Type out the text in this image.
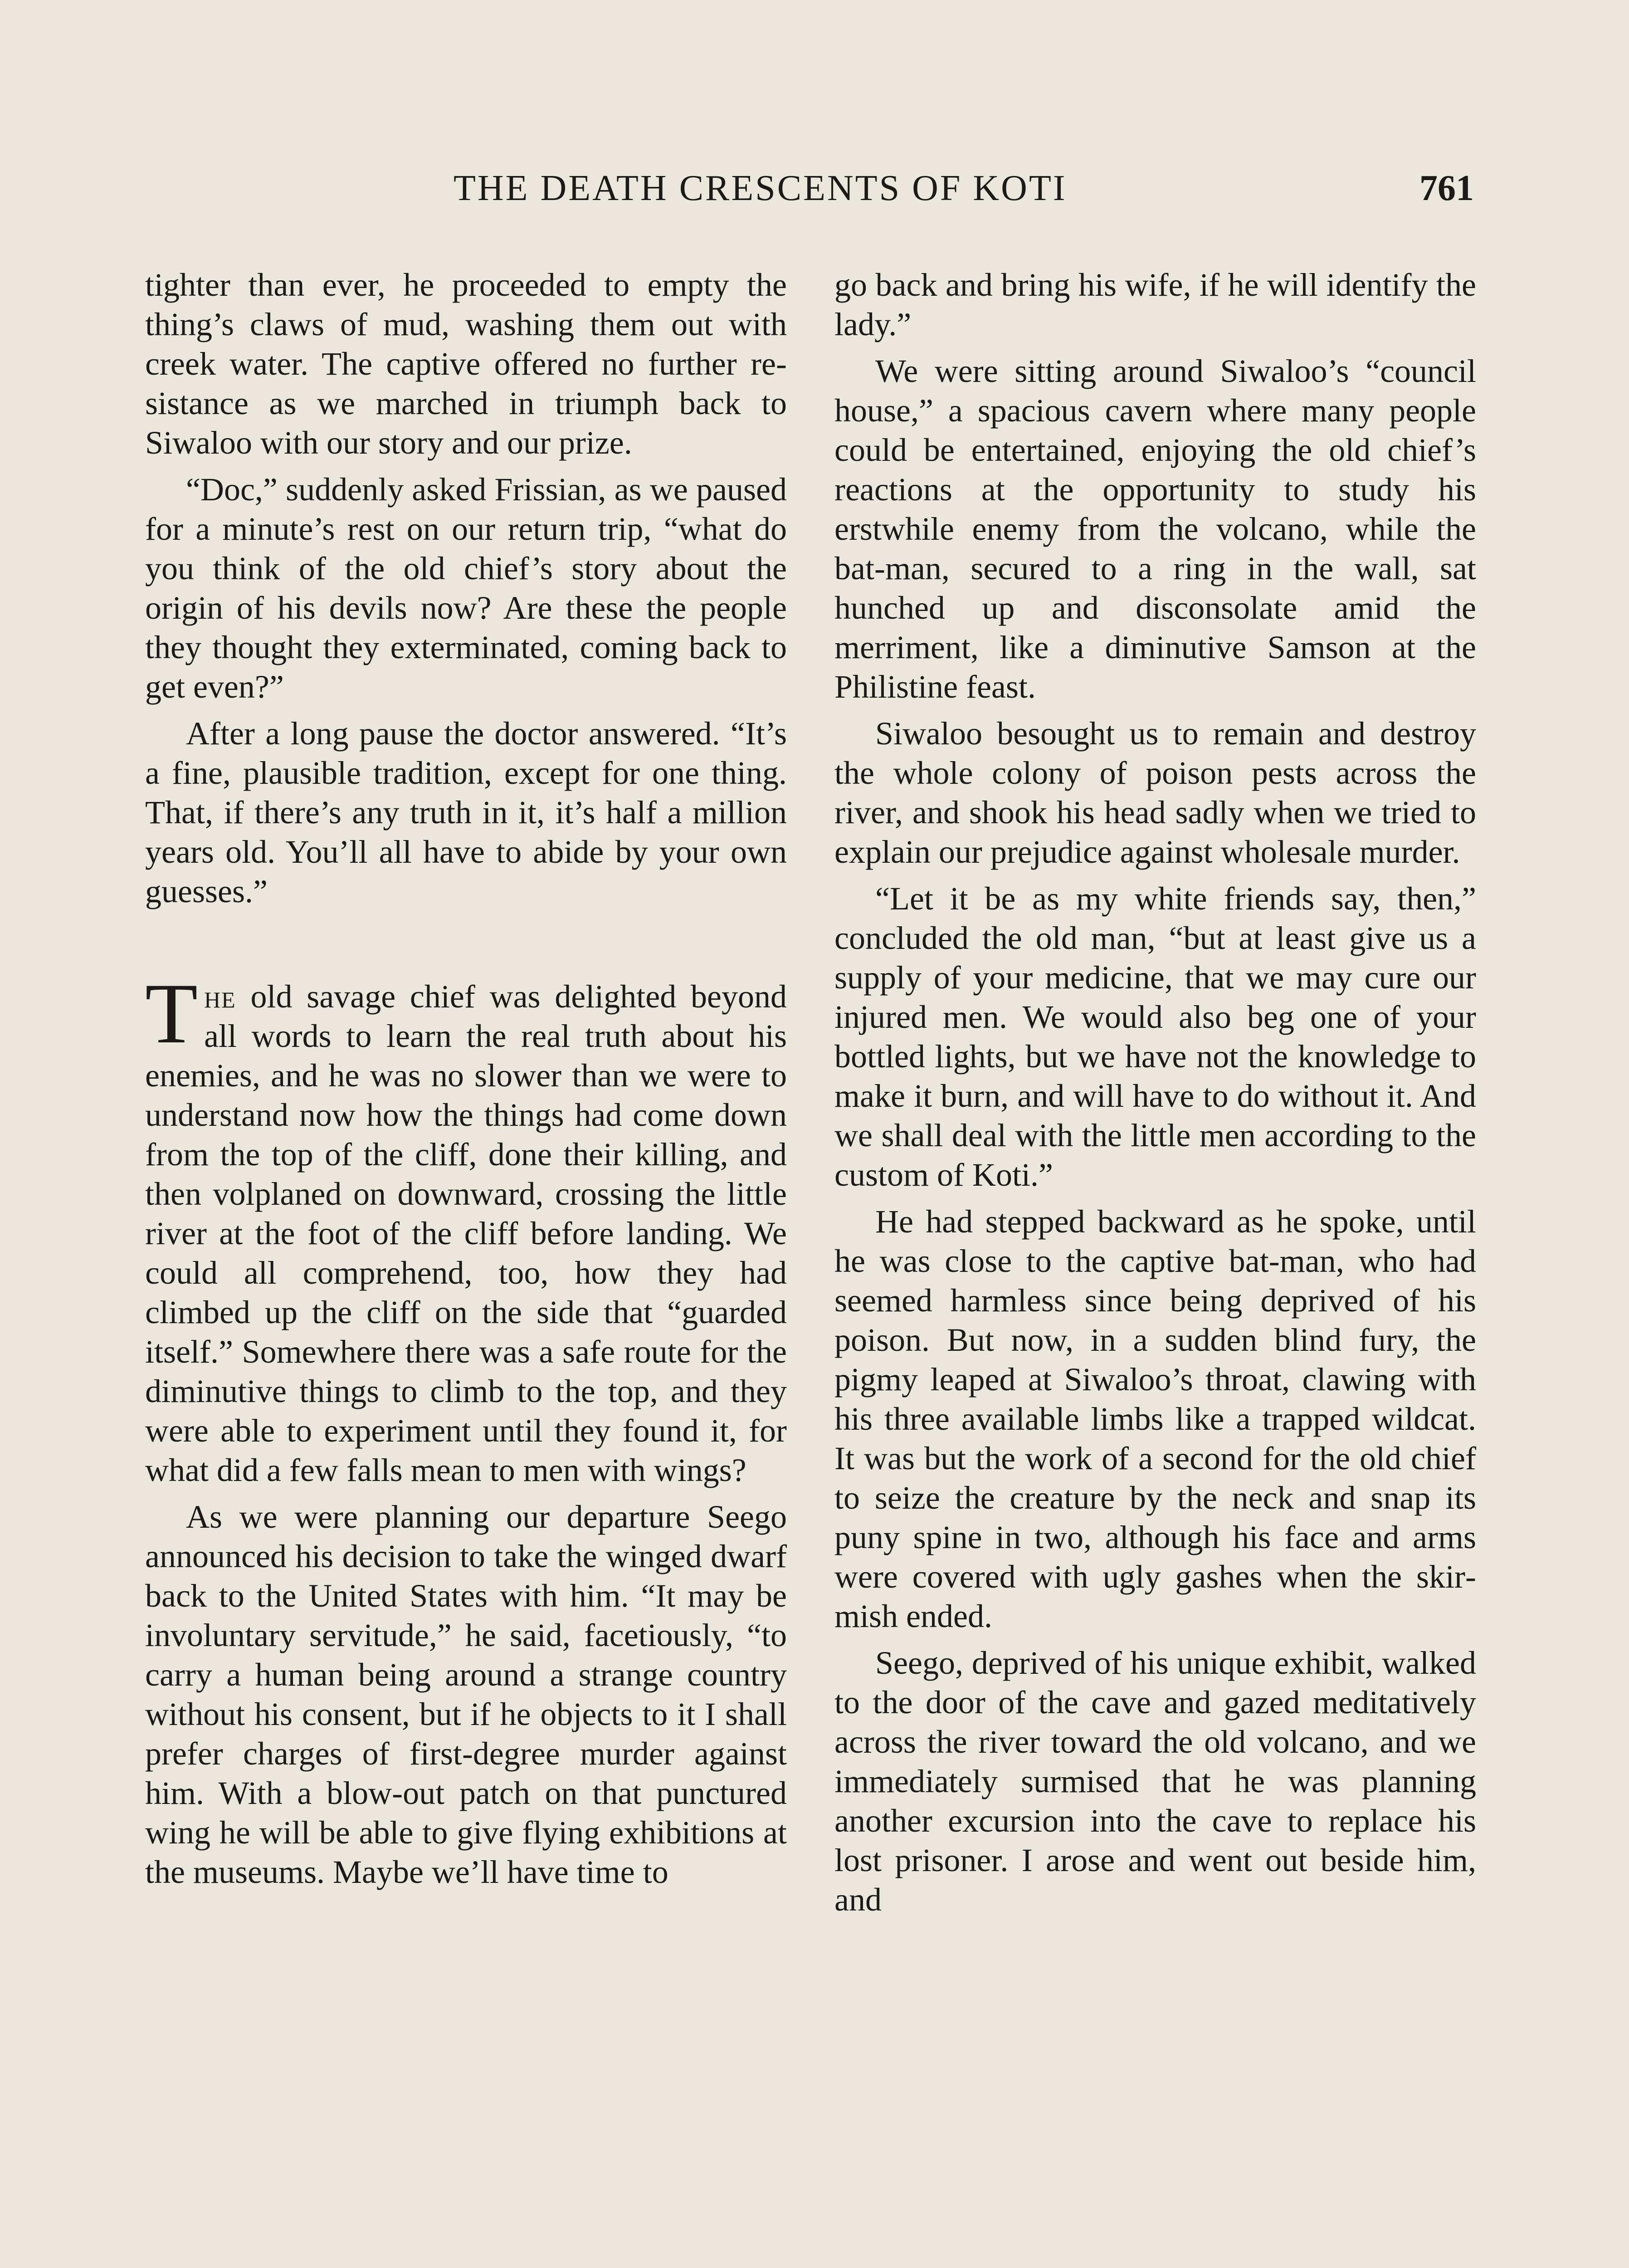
THE DEATH CRESCENTS OF KOTI	761

tighter than ever, he proceeded to empty the thing’s claws of mud, washing them out with creek water. The captive offered no further resistance as we marched in triumph back to Siwaloo with our story and our prize.

“Doc,” suddenly asked Frissian, as we paused for a minute’s rest on our return trip, “what do you think of the old chief’s story about the origin of his devils now? Are these the people they thought they exterminated, coming back to get even?”

After a long pause the doctor answered. “It’s a fine, plausible tradition, except for one thing. That, if there’s any truth in it, it’s half a million years old. You’ll all have to abide by your own guesses.”

The old savage chief was delighted beyond all words to learn the real truth about his enemies, and he was no slower than we were to understand now how the things had come down from the top of the cliff, done their killing, and then volplaned on downward, crossing the little river at the foot of the cliff before landing. We could all comprehend, too, how they had climbed up the cliff on the side that “guarded itself.” Somewhere there was a safe route for the diminutive things to climb to the top, and they were able to experiment until they found it, for what did a few falls mean to men with wings?

As we were planning our departure Seego announced his decision to take the winged dwarf back to the United States with him. “It may be involuntary servitude,” he said, facetiously, “to carry a human being around a strange country without his consent, but if he objects to it I shall prefer charges of first-degree murder against him. With a blow-out patch on that punctured wing he will be able to give flying exhibitions at the museums. Maybe we’ll have time to

go back and bring his wife, if he will identify the lady.”

We were sitting around Siwaloo’s “council house,” a spacious cavern where many people could be entertained, enjoying the old chief’s reactions at the opportunity to study his erstwhile enemy from the volcano, while the bat-man, secured to a ring in the wall, sat hunched up and disconsolate amid the merriment, like a diminutive Samson at the Philistine feast.

Siwaloo besought us to remain and destroy the whole colony of poison pests across the river, and shook his head sadly when we tried to explain our prejudice against wholesale murder.

“Let it be as my white friends say, then,” concluded the old man, “but at least give us a supply of your medicine, that we may cure our injured men. We would also beg one of your bottled lights, but we have not the knowledge to make it burn, and will have to do without it. And we shall deal with the little men according to the custom of Koti.”

He had stepped backward as he spoke, until he was close to the captive bat-man, who had seemed harmless since being deprived of his poison. But now, in a sudden blind fury, the pigmy leaped at Siwaloo’s throat, clawing with his three available limbs like a trapped wildcat. It was but the work of a second for the old chief to seize the creature by the neck and snap its puny spine in two, although his face and arms were covered with ugly gashes when the skirmish ended.

Seego, deprived of his unique exhibit, walked to the door of the cave and gazed meditatively across the river toward the old volcano, and we immediately surmised that he was planning another excursion into the cave to replace his lost prisoner. I arose and went out beside him, and
